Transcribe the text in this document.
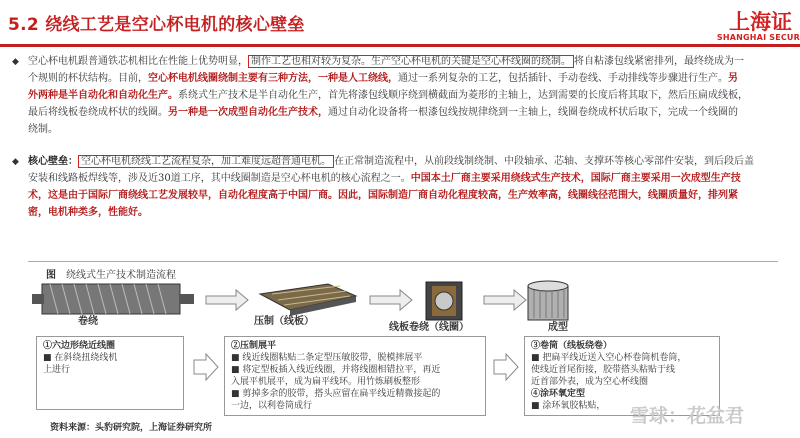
5.2 绕线工艺是空心杯电机的核心壁垒	上海证
SHANGHAI SECUR
◆ 空心杯电机跟普通铁芯机相比在性能上优势明显， 制作工艺也相对较为复杂。生产空心杯电机的关键是空心杯线圈的绕制。 将自粘漆包线紧密排列，最终绕成为一
个规则的杯状结构。目前，空心杯电机线圈绕制主要有三种方法，一种是人工绕线，通过一系列复杂的工艺，包括插针、手动卷线、手动排线等步骤进行生产。另
外两种是半自动化和自动化生产。系绕式生产技术是半自动化生产，首先将漆包线顺序绕到横截面为菱形的主轴上，达到需要的长度后将其取下，然后压扁成线板，
最后将线板卷绕成杯状的线圈。另一种是一次成型自动化生产技术，通过自动化设备将一根漆包线按规律绕到一主轴上，线圈卷绕成杯状后取下，完成一个线圈的
绕制。
◆ 核心壁垒： 空心杯电机绕线工艺流程复杂，加工难度远超普通电机。 在正常制造流程中，从前段线制绕制、中段轴承、芯轴、支撑环等核心零部件安装，到后段后盖
安装和线路板焊线等，涉及近30道工序，其中线圈制造是空心杯电机的核心流程之一。中国本土厂商主要采用绕线式生产技术，国际厂商主要采用一次成型生产技
术，这是由于国际厂商绕线工艺发展较早，自动化程度高于中国厂商。因此，国际制造厂商自动化程度较高，生产效率高，线圈线径范围大，线圈质量好，排列紧
密，电机种类多，性能好。
图 绕线式生产技术制造流程
卷绕	压制（线板）
线板卷绕（线圈）	成型
①六边形绕近线圈
■ 在斜绕扭绕线机
上进行
②压制展平
■ 线近线圈粘贴二条定型压敏胶带，脱模摔展平
■ 将定型板插入线近线圈，并将线圈相错拉平，再近
入展平机展平，成为扁平线环。用竹炼刷板整形
■ 剪掉多余的胶带，搭头应留在扁平线近精微接起的
一边，以利卷筒成行
③卷筒（线板绕卷）
■ 把扁平线近送入空心杯卷筒机卷筒，
使线近首尾衔接，胶带搭头粘贴于线
近首部外表，成为空心杯线圈
④涂环氧定型
■ 涂环氧胶粘贴，
资料来源：头豹研究院，上海证券研究所
雪球：花盆君
